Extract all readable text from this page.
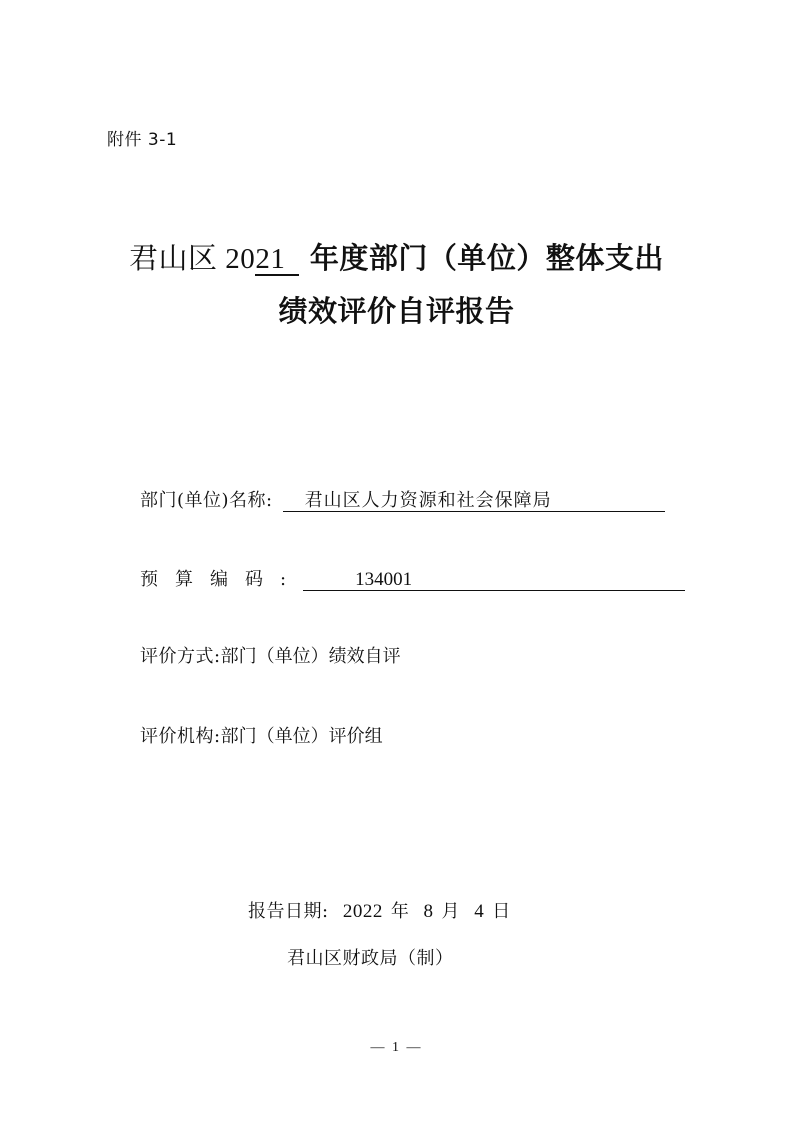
附件 3-1
君山区 2021 年度部门（单位）整体支出
绩效评价自评报告
部门(单位)名称:	君山区人力资源和社会保障局
预算编码:	134001
评价方式: 部门（单位）绩效自评
评价机构: 部门（单位）评价组
报告日期: 2022 年 8 月 4 日
君山区财政局（制）
— 1 —
